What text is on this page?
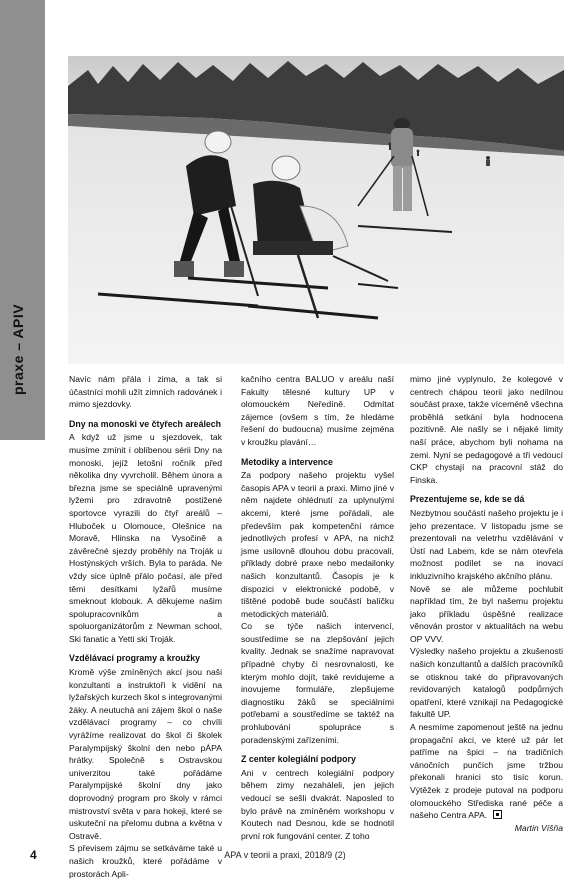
praxe – APIV	Navíc nám přála i zima, a tak si účastníci mohli užít zimních radovánek i mimo sjezdovky.

Dny na monoski ve čtyřech areálech

A když už jsme u sjezdovek, tak musíme zmínit i oblíbenou sérii Dny na monoski, jejíž letošní ročník před několika dny vyvrcholil. Během února a března jsme se speciálně upravenými lyžemi pro zdravotně postižené sportovce vyrazili do čtyř areálů – Hluboček u Olomouce, Olešnice na Moravě, Hlinska na Vysočině a závěrečné sjezdy proběhly na Troják u Hostýnských vrších. Byla to paráda. Ne vždy sice úplně přálo počasí, ale před těmi desítkami lyžařů musíme smeknout klobouk. A děkujeme našim spolupracovníkům a spoluorganizátorům z Newman school, Ski fanatic a Yetti ski Troják.

Vzdělávací programy a kroužky

Kromě výše zmíněných akcí jsou naši konzultanti a instruktoři k vidění na lyžařských kurzech škol s integrovanými žáky. A neutuchá ani zájem škol o naše vzdělávací programy – co chvíli vyrážíme realizovat do škol či školek Paralympijský školní den nebo pÁPA hrátky. Společně s Ostravskou univerzitou také pořádáme Paralympijské školní dny jako doprovodný program pro školy v rámci mistrovství světa v para hokeji, které se uskuteční na přelomu dubna a května v Ostravě.

S převisem zájmu se setkáváme také u našich kroužků, které pořádáme v prostorách Apli-

kačního centra BALUO v areálu naší Fakulty tělesné kultury UP v olomouckém Neředíně. Odmítat zájemce (ovšem s tím, že hledáme řešení do budoucna) musíme zejména v kroužku plavání…

Metodiky a intervence

Za podpory našeho projektu vyšel časopis APA v teorii a praxi. Mimo jiné v něm najdete ohlédnutí za uplynulými akcemi, které jsme pořádali, ale především pak kompetenční rámce jednotlivých profesí v APA, na nichž jsme usilovně dlouhou dobu pracovali, příklady dobré praxe nebo medailonky našich konzultantů. Časopis je k dispozici v elektronické podobě, v tištěné podobě bude součástí balíčku metodických materiálů.

Co se týče našich intervencí, soustředíme se na zlepšování jejich kvality. Jednak se snažíme napravovat případné chyby či nesrovnalosti, ke kterým mohlo dojít, také revidujeme a inovujeme formuláře, zlepšujeme diagnostiku žáků se speciálními potřebami a soustředíme se taktéž na prohlubování spolupráce s poradenskými zařízeními.

Z center kolegiální podpory

Ani v centrech kolegiální podpory během zimy nezaháleli, jen jejich vedoucí se sešli dvakrát. Naposled to bylo právě na zmíněném workshopu v Koutech nad Desnou, kde se hodnotil první rok fungování center. Z toho

mimo jiné vyplynulo, že kolegové v centrech chápou teorii jako nedílnou součást praxe, takže víceméně všechna proběhlá setkání byla hodnocena pozitivně. Ale našly se i nějaké limity naší práce, abychom byli nohama na zemi. Nyní se pedagogové a tři vedoucí CKP chystají na pracovní stáž do Finska.

Prezentujeme se, kde se dá

Nezbytnou součástí našeho projektu je i jeho prezentace. V listopadu jsme se prezentovali na veletrhu vzdělávání v Ústí nad Labem, kde se nám otevřela možnost podílet se na inovaci inkluzivního krajského akčního plánu.

Nově se ale můžeme pochlubit například tím, že byl našemu projektu jako příkladu úspěšné realizace věnován prostor v aktualitách na webu OP VVV.

Výsledky našeho projektu a zkušenosti našich konzultantů a dalších pracovníků se otisknou také do připravovaných revidovaných katalogů podpůrných opatření, které vznikají na Pedagogické fakultě UP.

A nesmíme zapomenout ještě na jednu propagační akci, ve které už pár let patříme na špici – na tradičních vánočních punčích jsme tržbou překonali hranici sto tisíc korun. Výtěžek z prodeje putoval na podporu olomouckého Střediska rané péče a našeho Centra APA.

Martin Víšňa

4	APA v teorii a praxi, 2018/9 (2)
